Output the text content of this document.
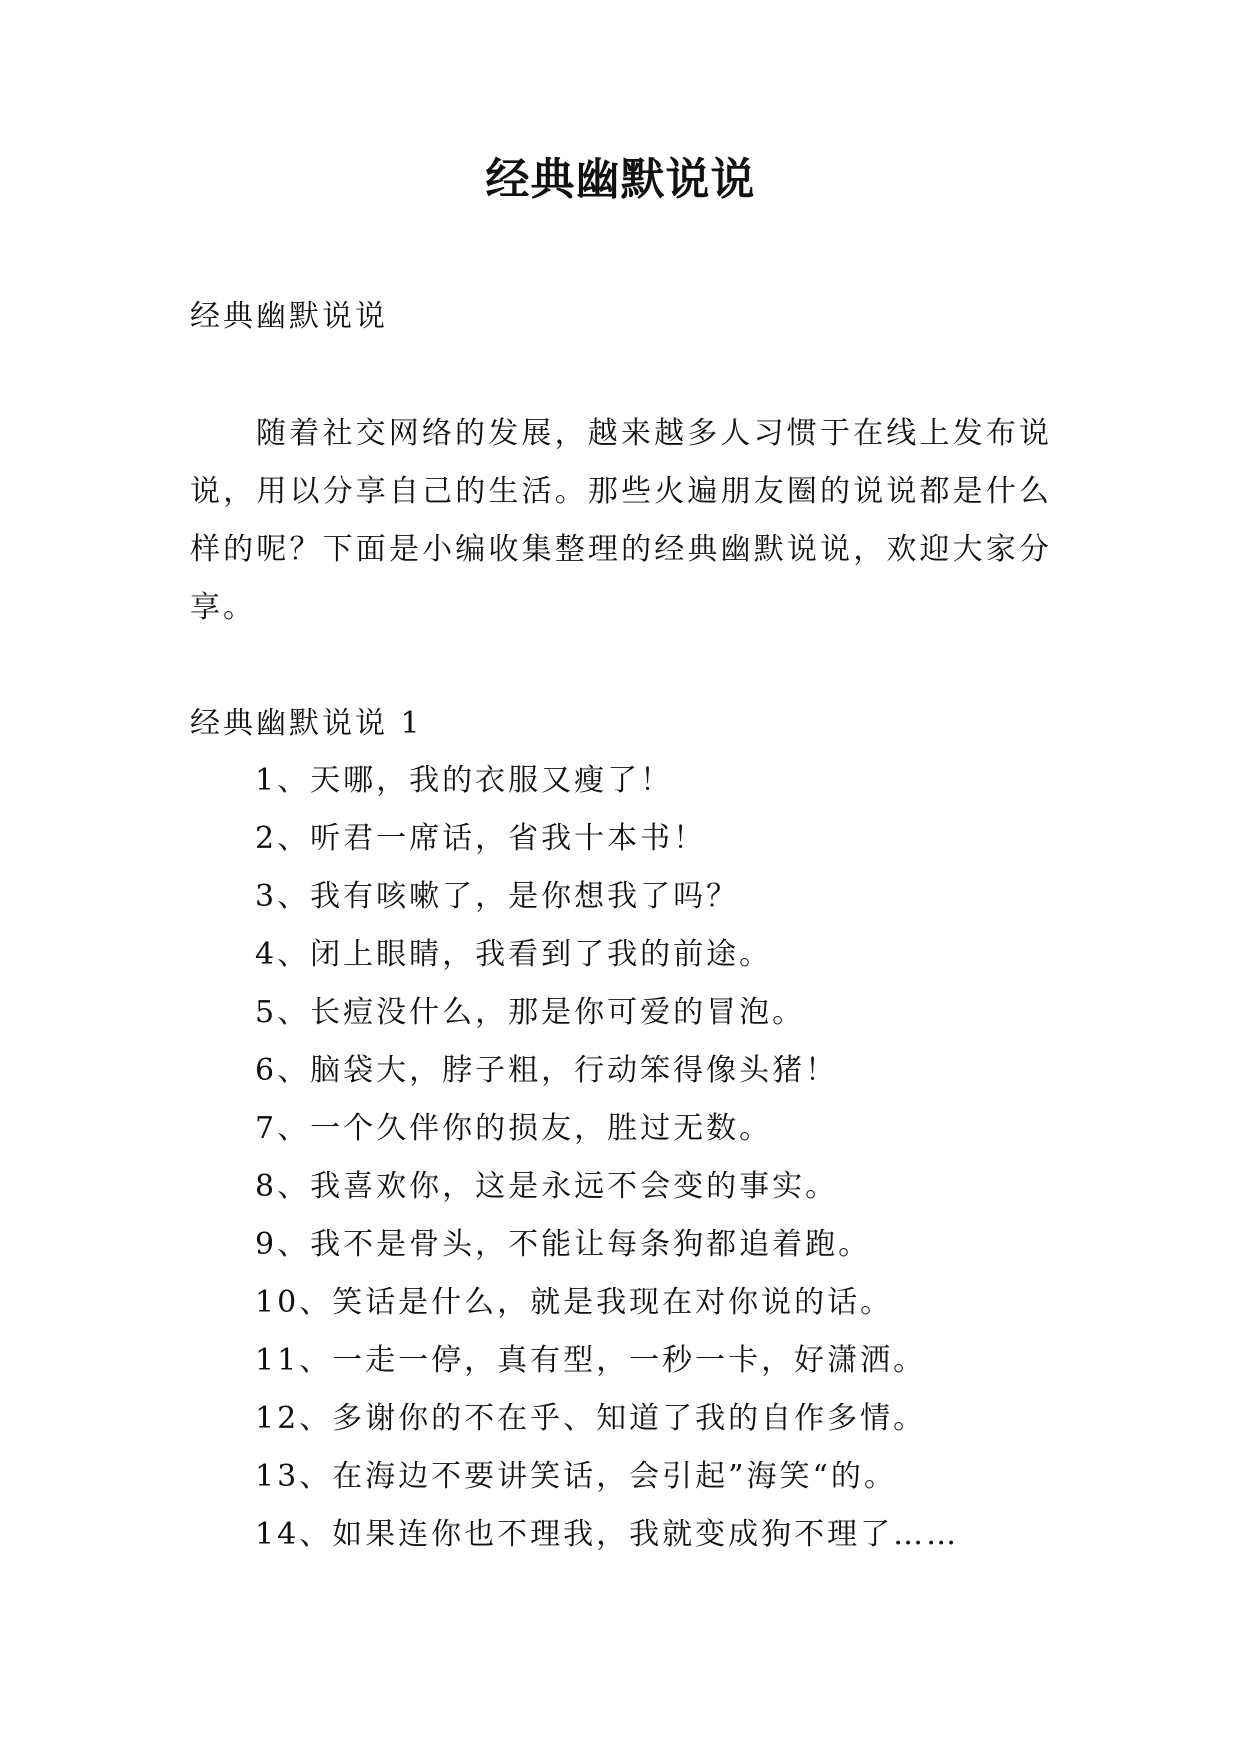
经典幽默说说
经典幽默说说

随着社交网络的发展，越来越多人习惯于在线上发布说说，用以分享自己的生活。那些火遍朋友圈的说说都是什么样的呢？下面是小编收集整理的经典幽默说说，欢迎大家分享。

经典幽默说说 1
1、天哪，我的衣服又瘦了！
2、听君一席话，省我十本书！
3、我有咳嗽了，是你想我了吗？
4、闭上眼睛，我看到了我的前途。
5、长痘没什么，那是你可爱的冒泡。
6、脑袋大，脖子粗，行动笨得像头猪！
7、一个久伴你的损友，胜过无数。
8、我喜欢你，这是永远不会变的事实。
9、我不是骨头，不能让每条狗都追着跑。
10、笑话是什么，就是我现在对你说的话。
11、一走一停，真有型，一秒一卡，好潇洒。
12、多谢你的不在乎、知道了我的自作多情。
13、在海边不要讲笑话，会引起”海笑“的。
14、如果连你也不理我，我就变成狗不理了……
